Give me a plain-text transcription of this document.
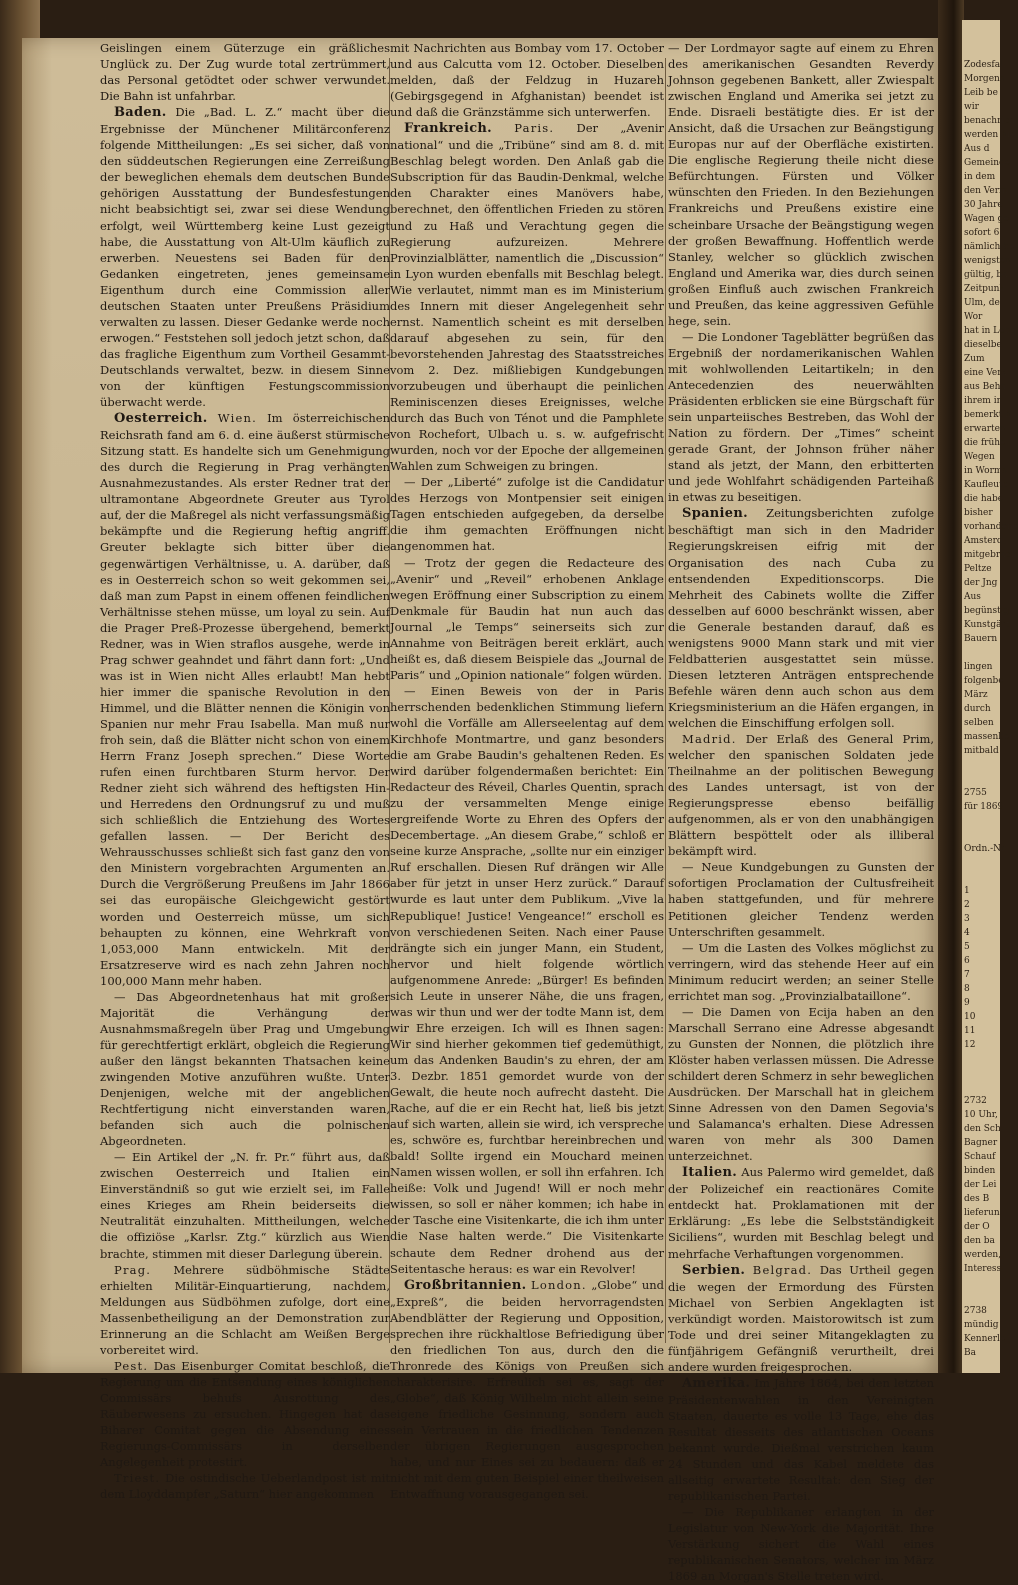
Geislingen einem Güterzuge ein gräßliches Unglück zu. Der Zug wurde total zertrümmert, das Personal getödtet oder schwer verwundet. Die Bahn ist unfahrbar.

Baden. Die „Bad. L. Z.“ macht über die Ergebnisse der Münchener Militärconferenz folgende Mittheilungen: „Es sei sicher, daß von den süddeutschen Regierungen eine Zerreißung der beweglichen ehemals dem deutschen Bunde gehörigen Ausstattung der Bundesfestungen nicht beabsichtigt sei, zwar sei diese Wendung erfolgt, weil Württemberg keine Lust gezeigt habe, die Ausstattung von Alt-Ulm käuflich zu erwerben. Neuestens sei Baden für den Gedanken eingetreten, jenes gemeinsame Eigenthum durch eine Commission aller deutschen Staaten unter Preußens Präsidium verwalten zu lassen. Dieser Gedanke werde noch erwogen.“ Feststehen soll jedoch jetzt schon, daß das fragliche Eigenthum zum Vortheil Gesammt-Deutschlands verwaltet, bezw. in diesem Sinne von der künftigen Festungscommission überwacht werde.

Oesterreich. Wien. Im österreichischen Reichsrath fand am 6. d. eine äußerst stürmische Sitzung statt. Es handelte sich um Genehmigung des durch die Regierung in Prag verhängten Ausnahmezustandes. Als erster Redner trat der ultramontane Abgeordnete Greuter aus Tyrol auf, der die Maßregel als nicht verfassungsmäßig bekämpfte und die Regierung heftig angriff. Greuter beklagte sich bitter über die gegenwärtigen Verhältnisse, u. A. darüber, daß es in Oesterreich schon so weit gekommen sei, daß man zum Papst in einem offenen feindlichen Verhältnisse stehen müsse, um loyal zu sein. Auf die Prager Preß-Prozesse übergehend, bemerkt Redner, was in Wien straflos ausgehe, werde in Prag schwer geahndet und fährt dann fort: „Und was ist in Wien nicht Alles erlaubt! Man hebt hier immer die spanische Revolution in den Himmel, und die Blätter nennen die Königin von Spanien nur mehr Frau Isabella. Man muß nur froh sein, daß die Blätter nicht schon von einem Herrn Franz Joseph sprechen.“ Diese Worte rufen einen furchtbaren Sturm hervor. Der Redner zieht sich während des heftigsten Hin- und Herredens den Ordnungsruf zu und muß sich schließlich die Entziehung des Wortes gefallen lassen. — Der Bericht des Wehrausschusses schließt sich fast ganz den von den Ministern vorgebrachten Argumenten an. Durch die Vergrößerung Preußens im Jahr 1866 sei das europäische Gleichgewicht gestört worden und Oesterreich müsse, um sich behaupten zu können, eine Wehrkraft von 1,053,000 Mann entwickeln. Mit der Ersatzreserve wird es nach zehn Jahren noch 100,000 Mann mehr haben.

— Das Abgeordnetenhaus hat mit großer Majorität die Verhängung der Ausnahmsmaßregeln über Prag und Umgebung für gerechtfertigt erklärt, obgleich die Regierung außer den längst bekannten Thatsachen keine zwingenden Motive anzuführen wußte. Unter Denjenigen, welche mit der angeblichen Rechtfertigung nicht einverstanden waren, befanden sich auch die polnischen Abgeordneten.

— Ein Artikel der „N. fr. Pr.“ führt aus, daß zwischen Oesterreich und Italien ein Einverständniß so gut wie erzielt sei, im Falle eines Krieges am Rhein beiderseits die Neutralität einzuhalten. Mittheilungen, welche die offiziöse „Karlsr. Ztg.“ kürzlich aus Wien brachte, stimmen mit dieser Darlegung überein.

Prag. Mehrere südböhmische Städte erhielten Militär-Einquartierung, nachdem, Meldungen aus Südböhmen zufolge, dort eine Massenbetheiligung an der Demonstration zur Erinnerung an die Schlacht am Weißen Berge vorbereitet wird.

Pest. Das Eisenburger Comitat beschloß, die Regierung um die Entsendung eines königlichen Commissärs behufs Ausrottung des Räuberwesens zu ersuchen. Hingegen hat das Biharer Comitat gegen die Absendung eines Regierungs-Commissärs in derselben Angelegenheit protestirt.

Triest. Die ostindische Ueberlandpost ist mit dem Lloyddampfer „Saturn“ hier angekommen

mit Nachrichten aus Bombay vom 17. October und aus Calcutta vom 12. October. Dieselben melden, daß der Feldzug in Huzareh (Gebirgsgegend in Afghanistan) beendet ist und daß die Gränzstämme sich unterwerfen.

Frankreich. Paris. Der „Avenir national“ und die „Tribüne“ sind am 8. d. mit Beschlag belegt worden. Den Anlaß gab die Subscription für das Baudin-Denkmal, welche den Charakter eines Manövers habe, berechnet, den öffentlichen Frieden zu stören und zu Haß und Verachtung gegen die Regierung aufzureizen. Mehrere Provinzialblätter, namentlich die „Discussion“ in Lyon wurden ebenfalls mit Beschlag belegt. Wie verlautet, nimmt man es im Ministerium des Innern mit dieser Angelegenheit sehr ernst. Namentlich scheint es mit derselben darauf abgesehen zu sein, für den bevorstehenden Jahrestag des Staatsstreiches vom 2. Dez. mißliebigen Kundgebungen vorzubeugen und überhaupt die peinlichen Reminiscenzen dieses Ereignisses, welche durch das Buch von Ténot und die Pamphlete von Rochefort, Ulbach u. s. w. aufgefrischt wurden, noch vor der Epoche der allgemeinen Wahlen zum Schweigen zu bringen.

— Der „Liberté“ zufolge ist die Candidatur des Herzogs von Montpensier seit einigen Tagen entschieden aufgegeben, da derselbe die ihm gemachten Eröffnungen nicht angenommen hat.

— Trotz der gegen die Redacteure des „Avenir“ und „Reveil“ erhobenen Anklage wegen Eröffnung einer Subscription zu einem Denkmale für Baudin hat nun auch das Journal „le Temps“ seinerseits sich zur Annahme von Beiträgen bereit erklärt, auch heißt es, daß diesem Beispiele das „Journal de Paris“ und „Opinion nationale“ folgen würden.

— Einen Beweis von der in Paris herrschenden bedenklichen Stimmung liefern wohl die Vorfälle am Allerseelentag auf dem Kirchhofe Montmartre, und ganz besonders die am Grabe Baudin's gehaltenen Reden. Es wird darüber folgendermaßen berichtet: Ein Redacteur des Réveil, Charles Quentin, sprach zu der versammelten Menge einige ergreifende Worte zu Ehren des Opfers der Decembertage. „An diesem Grabe,“ schloß er seine kurze Ansprache, „sollte nur ein einziger Ruf erschallen. Diesen Ruf drängen wir Alle aber für jetzt in unser Herz zurück.“ Darauf wurde es laut unter dem Publikum. „Vive la Republique! Justice! Vengeance!“ erscholl es von verschiedenen Seiten. Nach einer Pause drängte sich ein junger Mann, ein Student, hervor und hielt folgende wörtlich aufgenommene Anrede: „Bürger! Es befinden sich Leute in unserer Nähe, die uns fragen, was wir thun und wer der todte Mann ist, dem wir Ehre erzeigen. Ich will es Ihnen sagen: Wir sind hierher gekommen tief gedemüthigt, um das Andenken Baudin's zu ehren, der am 3. Dezbr. 1851 gemordet wurde von der Gewalt, die heute noch aufrecht dasteht. Die Rache, auf die er ein Recht hat, ließ bis jetzt auf sich warten, allein sie wird, ich verspreche es, schwöre es, furchtbar hereinbrechen und bald! Sollte irgend ein Mouchard meinen Namen wissen wollen, er soll ihn erfahren. Ich heiße: Volk und Jugend! Will er noch mehr wissen, so soll er näher kommen; ich habe in der Tasche eine Visitenkarte, die ich ihm unter die Nase halten werde.“ Die Visitenkarte schaute dem Redner drohend aus der Seitentasche heraus: es war ein Revolver!

Großbritannien. London. „Globe“ und „Expreß“, die beiden hervorragendsten Abendblätter der Regierung und Opposition, sprechen ihre rückhaltlose Befriedigung über den friedlichen Ton aus, durch den die Thronrede des Königs von Preußen sich charakterisire. Erfreulich sei es, sagt der „Globe“, daß König Wilhelm nicht allein seine eigene friedliche Gesinnung, sondern auch sein Vertrauen in die friedlichen Tendenzen der übrigen Regierungen ausgesprochen habe, und nur Eines sei zu bedauern: daß er nicht mit dem guten Beispiel einer theilweisen Entwaffnung vorausgegangen sei.

— Der Lordmayor sagte auf einem zu Ehren des amerikanischen Gesandten Reverdy Johnson gegebenen Bankett, aller Zwiespalt zwischen England und Amerika sei jetzt zu Ende. Disraeli bestätigte dies. Er ist der Ansicht, daß die Ursachen zur Beängstigung Europas nur auf der Oberfläche existirten. Die englische Regierung theile nicht diese Befürchtungen. Fürsten und Völker wünschten den Frieden. In den Beziehungen Frankreichs und Preußens existire eine scheinbare Ursache der Beängstigung wegen der großen Bewaffnung. Hoffentlich werde Stanley, welcher so glücklich zwischen England und Amerika war, dies durch seinen großen Einfluß auch zwischen Frankreich und Preußen, das keine aggressiven Gefühle hege, sein.

— Die Londoner Tageblätter begrüßen das Ergebniß der nordamerikanischen Wahlen mit wohlwollenden Leitartikeln; in den Antecedenzien des neuerwählten Präsidenten erblicken sie eine Bürgschaft für sein unparteiisches Bestreben, das Wohl der Nation zu fördern. Der „Times“ scheint gerade Grant, der Johnson früher näher stand als jetzt, der Mann, den erbitterten und jede Wohlfahrt schädigenden Parteihaß in etwas zu beseitigen.

Spanien. Zeitungsberichten zufolge beschäftigt man sich in den Madrider Regierungskreisen eifrig mit der Organisation des nach Cuba zu entsendenden Expeditionscorps. Die Mehrheit des Cabinets wollte die Ziffer desselben auf 6000 beschränkt wissen, aber die Generale bestanden darauf, daß es wenigstens 9000 Mann stark und mit vier Feldbatterien ausgestattet sein müsse. Diesen letzteren Anträgen entsprechende Befehle wären denn auch schon aus dem Kriegsministerium an die Häfen ergangen, in welchen die Einschiffung erfolgen soll.

Madrid. Der Erlaß des General Prim, welcher den spanischen Soldaten jede Theilnahme an der politischen Bewegung des Landes untersagt, ist von der Regierungspresse ebenso beifällig aufgenommen, als er von den unabhängigen Blättern bespöttelt oder als illiberal bekämpft wird.

— Neue Kundgebungen zu Gunsten der sofortigen Proclamation der Cultusfreiheit haben stattgefunden, und für mehrere Petitionen gleicher Tendenz werden Unterschriften gesammelt.

— Um die Lasten des Volkes möglichst zu verringern, wird das stehende Heer auf ein Minimum reducirt werden; an seiner Stelle errichtet man sog. „Provinzialbataillone“.

— Die Damen von Ecija haben an den Marschall Serrano eine Adresse abgesandt zu Gunsten der Nonnen, die plötzlich ihre Klöster haben verlassen müssen. Die Adresse schildert deren Schmerz in sehr beweglichen Ausdrücken. Der Marschall hat in gleichem Sinne Adressen von den Damen Segovia's und Salamanca's erhalten. Diese Adressen waren von mehr als 300 Damen unterzeichnet.

Italien. Aus Palermo wird gemeldet, daß der Polizeichef ein reactionäres Comite entdeckt hat. Proklamationen mit der Erklärung: „Es lebe die Selbstständigkeit Siciliens“, wurden mit Beschlag belegt und mehrfache Verhaftungen vorgenommen.

Serbien. Belgrad. Das Urtheil gegen die wegen der Ermordung des Fürsten Michael von Serbien Angeklagten ist verkündigt worden. Maistorowitsch ist zum Tode und drei seiner Mitangeklagten zu fünfjährigem Gefängniß verurtheilt, drei andere wurden freigesprochen.

Amerika. Im Jahre 1864, bei den letzten Präsidentenwahlen in den Vereinigten Staaten, dauerte es volle 13 Tage, ehe das Resultat diesseits des atlantischen Oceans bekannt wurde. Dießmal verstrichen kaum 24 Stunden und das Kabel meldete das allseitig erwartete Resultat: den Sieg der republikanischen Partei.

— Die Republikaner erlangten in der Legislatur von New-York die Majorität. Ihre Verstärkung sichert die Wahl eines republikanischen Senators, welcher im März 1869 an Morgan's Stelle treten wird.

Zodesfall
Morgens
Leib be
wir
benachrich
werden hie
Aus d
Gemeinde
in dem
den Verm
30 Jahre
Wagen ge
sofort 6
nämlich be
wenigsten
gültig, ba
Zeitpunk
Ulm, de
Wor
hat in Leng
dieselbe
Zum
eine Verk
aus Beha
ihrem in
bemerkt h
erwarten
die frühe
Wegen
in Worms
Kaufleute
die habe
bisher
vorhandene
Amsterd
mitgebrach
Peltze
der Jng
Aus
begünstig
Kunstgärt
Bauern
lingen
folgenbe
März
durch
selben
massenbef
mitbald
2755
für 1869
Ordn.-Nr.
1
2
3
4
5
6
7
8
9
10
11
12
2732
10 Uhr,
den Sch
Bagner
Schauf
binden
der Lei
des B
lieferun
der O
den ba
werden,
Interess
2738
mündig
Kennerle
Ba
